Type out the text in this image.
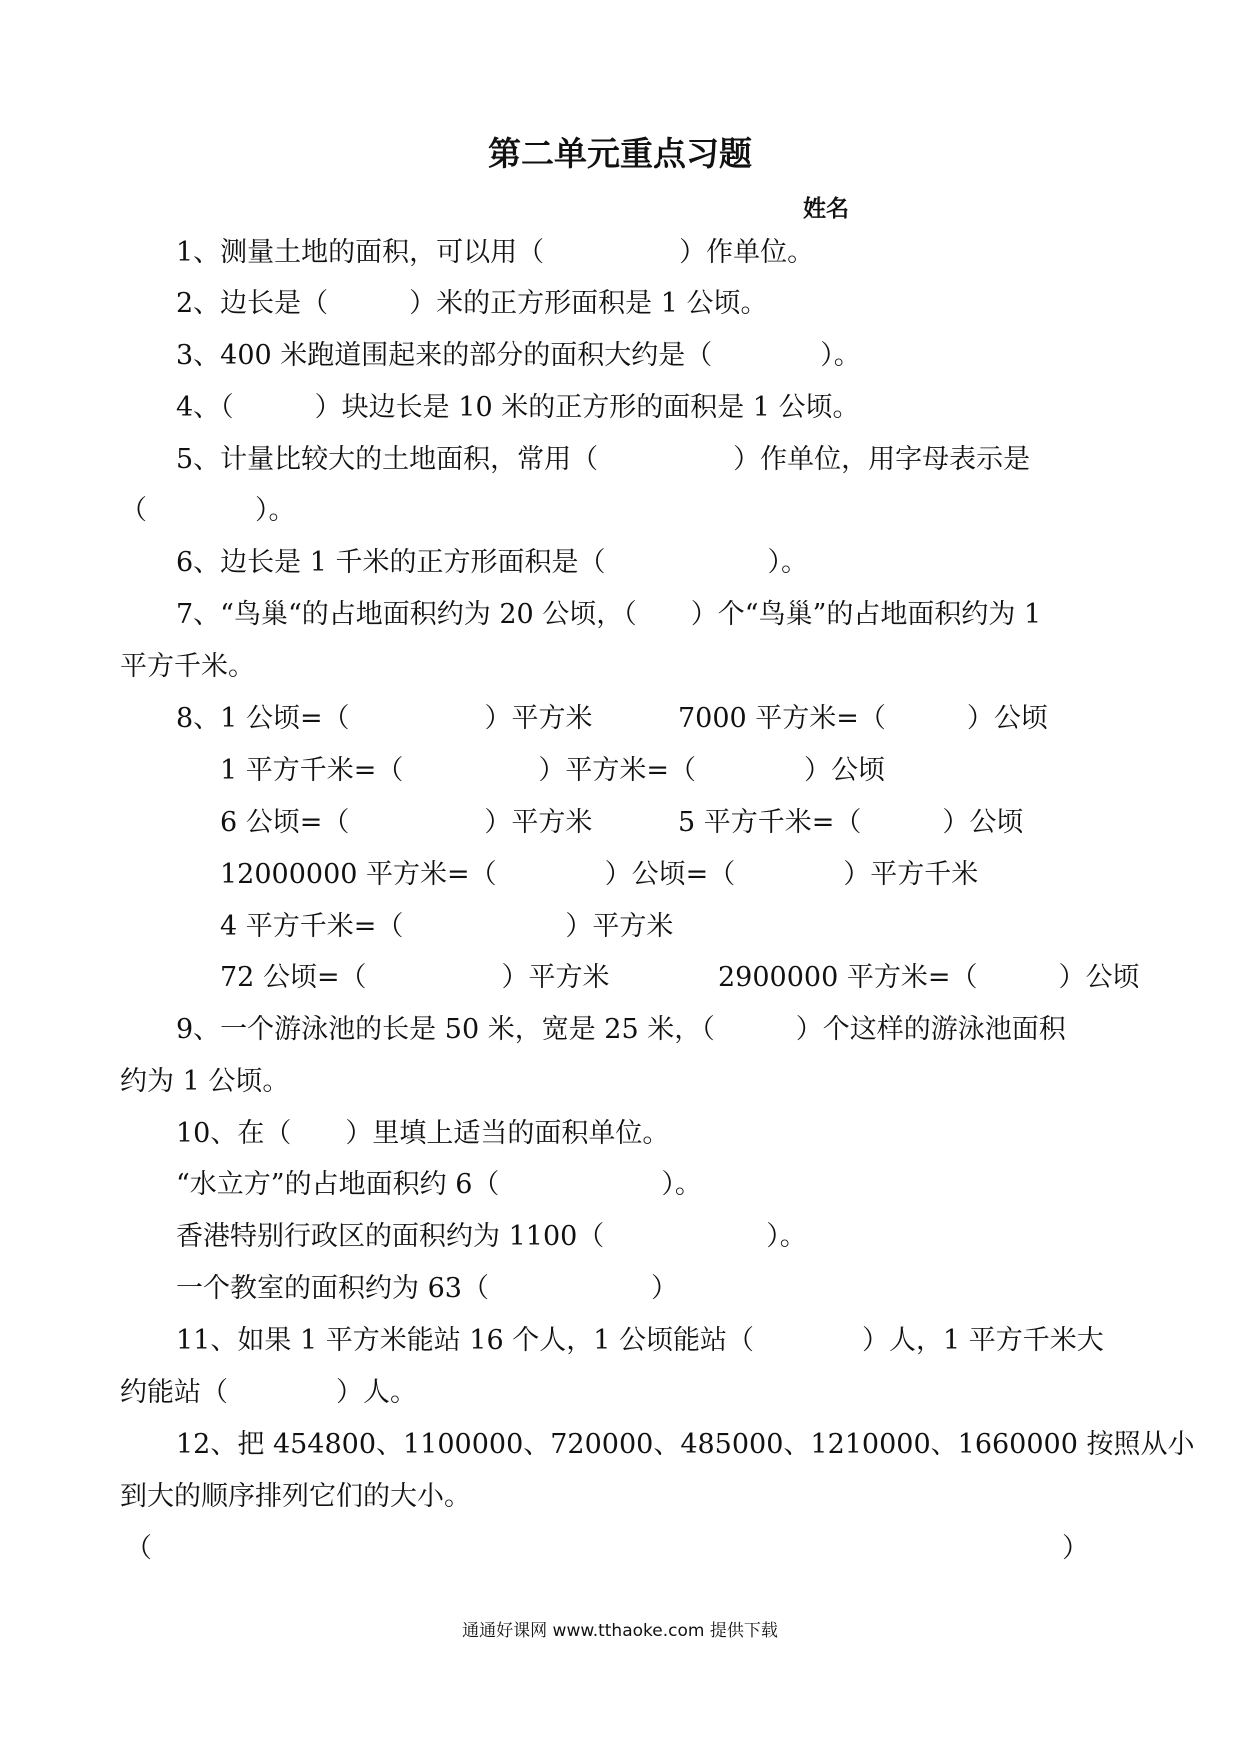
第二单元重点习题
姓名
1、测量土地的面积，可以用（　　　　　）作单位。
2、边长是（　　　）米的正方形面积是 1 公顷。
3、400 米跑道围起来的部分的面积大约是（　　　　）。
4、（　　　）块边长是 10 米的正方形的面积是 1 公顷。
5、计量比较大的土地面积，常用（　　　　　）作单位，用字母表示是
（　　　　）。
6、边长是 1 千米的正方形面积是（　　　　　　）。
7、“鸟巢“的占地面积约为 20 公顷，（　　）个“鸟巢”的占地面积约为 1
平方千米。
8、1 公顷=（　　　　　）平方米	7000 平方米=（　　　）公顷
1 平方千米=（　　　　　）平方米=（　　　　）公顷
6 公顷=（　　　　　）平方米	5 平方千米=（　　　）公顷
12000000 平方米=（　　　　）公顷=（　　　　）平方千米
4 平方千米=（　　　　　　）平方米
72 公顷=（　　　　　）平方米	2900000 平方米=（　　　）公顷
9、一个游泳池的长是 50 米，宽是 25 米，（　　　）个这样的游泳池面积
约为 1 公顷。
10、在（　　）里填上适当的面积单位。
“水立方”的占地面积约 6（　　　　　　）。
香港特别行政区的面积约为 1100（　　　　　　）。
一个教室的面积约为 63（　　　　　　）
11、如果 1 平方米能站 16 个人，1 公顷能站（　　　　）人，1 平方千米大
约能站（　　　　）人。
12、把 454800、1100000、720000、485000、1210000、1660000 按照从小
到大的顺序排列它们的大小。
（	）
通通好课网 www.tthaoke.com 提供下载
